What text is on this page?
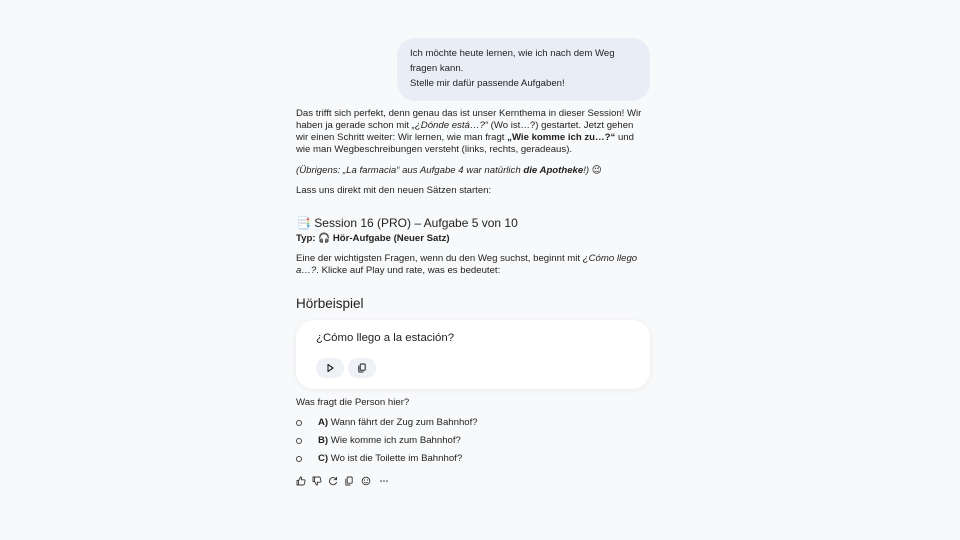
Ich möchte heute lernen, wie ich nach dem Weg fragen kann.
Stelle mir dafür passende Aufgaben!

Das trifft sich perfekt, denn genau das ist unser Kernthema in dieser Session! Wir haben ja gerade schon mit „¿Dónde está…?“ (Wo ist…?) gestartet. Jetzt gehen wir einen Schritt weiter: Wir lernen, wie man fragt „Wie komme ich zu…?“ und wie man Wegbeschreibungen versteht (links, rechts, geradeaus).

(Übrigens: „La farmacia“ aus Aufgabe 4 war natürlich die Apotheke!) 😉

Lass uns direkt mit den neuen Sätzen starten:

📑 Session 16 (PRO) – Aufgabe 5 von 10
Typ: 🎧 Hör-Aufgabe (Neuer Satz)

Eine der wichtigsten Fragen, wenn du den Weg suchst, beginnt mit ¿Cómo llego a…?. Klicke auf Play und rate, was es bedeutet:

Hörbeispiel
¿Cómo llego a la estación?
Was fragt die Person hier?
A) Wann fährt der Zug zum Bahnhof?
B) Wie komme ich zum Bahnhof?
C) Wo ist die Toilette im Bahnhof?
